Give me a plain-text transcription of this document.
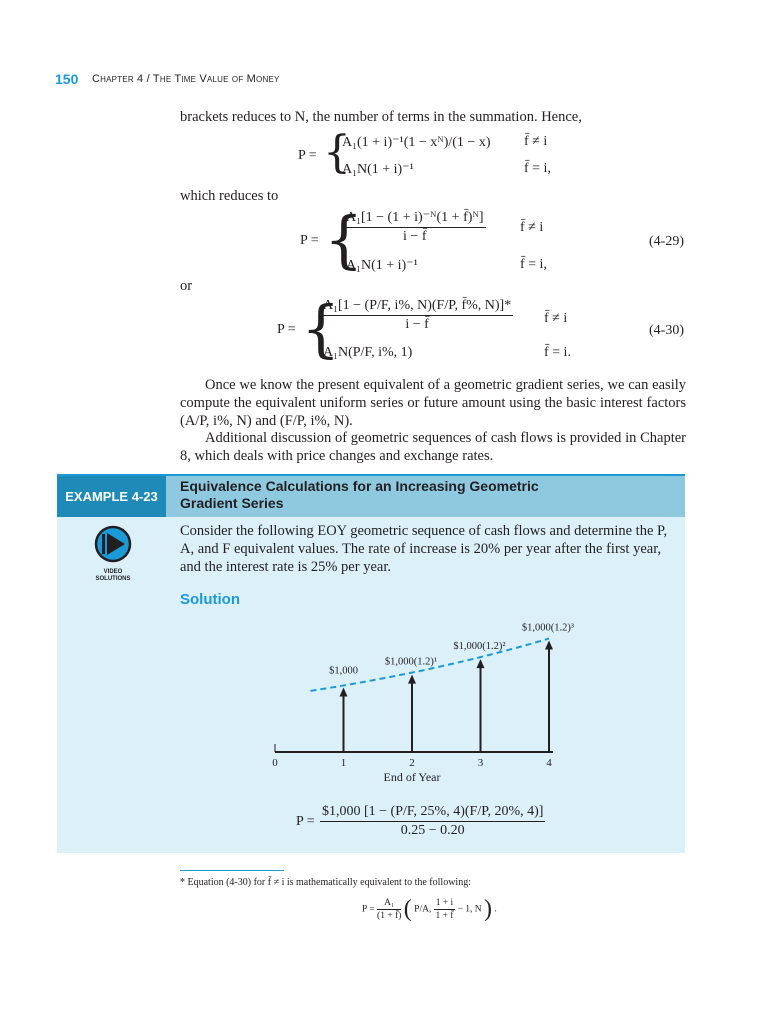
150 Chapter 4 / The Time Value of Money
brackets reduces to N, the number of terms in the summation. Hence,
P = {
A₁(1 + i)⁻¹(1 − xᴺ)/(1 − x) f̄ ≠ i
A₁N(1 + i)⁻¹	f̄ = i,
which reduces to
P = {
$\frac{\text{A₁[1 − (1 + i)⁻ᴺ(1 + f̄)ᴺ]}}{i - f̄}$ f̄ ≠ i
A₁N(1 + i)⁻¹	f̄ = i,
(4-29)
or
P = {
$\frac{\text{A₁[1 − (P/F, i\%, N)(F/P, f̄\%, N)]*}}{i - f̄}$ f̄ ≠ i
A₁N(P/F, i%, 1)	f̄ = i.
(4-30)
Once we know the present equivalent of a geometric gradient series, we can easily compute the equivalent uniform series or future amount using the basic interest factors (A/P, i%, N) and (F/P, i%, N).
Additional discussion of geometric sequences of cash flows is provided in Chapter 8, which deals with price changes and exchange rates.
EXAMPLE 4-23
Equivalence Calculations for an Increasing Geometric
Gradient Series
VIDEO
SOLUTIONS
Consider the following EOY geometric sequence of cash flows and determine the P, A, and F equivalent values. The rate of increase is 20% per year after the first year, and the interest rate is 25% per year.
Solution
0	1	2	3	4
$1,000
$1,000(1.2)¹
$1,000(1.2)²
$1,000(1.2)³
End of Year
$P = \frac{\$1,000 [1 - (P/F, 25\%, 4)(F/P, 20\%, 4)]}{0.25 - 0.20}$
* Equation (4-30) for f̄ ≠ i is mathematically equivalent to the following:
$P = \frac{\text{A₁}}{(1 + f̄)}$ ( P/A, $\frac{1 + i}{1 + f̄} - 1$, N ) .
